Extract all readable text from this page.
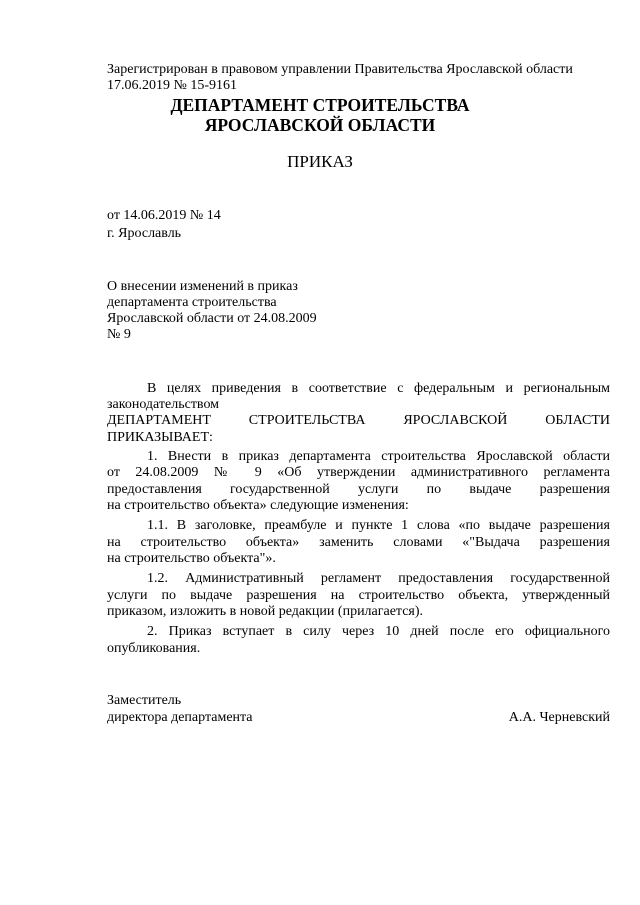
Зарегистрирован в правовом управлении Правительства Ярославской области
17.06.2019 № 15-9161
ДЕПАРТАМЕНТ СТРОИТЕЛЬСТВА
ЯРОСЛАВСКОЙ ОБЛАСТИ
ПРИКАЗ
от 14.06.2019 № 14
г. Ярославль
О внесении изменений в приказ
департамента строительства
Ярославской области от 24.08.2009
№ 9
В целях приведения в соответствие с федеральным и региональным
законодательством
ДЕПАРТАМЕНТ СТРОИТЕЛЬСТВА ЯРОСЛАВСКОЙ ОБЛАСТИ
ПРИКАЗЫВАЕТ:
1. Внести в приказ департамента строительства Ярославской области
от 24.08.2009 № 9 «Об утверждении административного регламента
предоставления государственной услуги по выдаче разрешения
на строительство объекта» следующие изменения:
1.1. В заголовке, преамбуле и пункте 1 слова «по выдаче разрешения
на строительство объекта» заменить словами «"Выдача разрешения
на строительство объекта"».
1.2. Административный регламент предоставления государственной
услуги по выдаче разрешения на строительство объекта, утвержденный
приказом, изложить в новой редакции (прилагается).
2. Приказ вступает в силу через 10 дней после его официального
опубликования.
Заместитель
директора департамента	А.А. Черневский
